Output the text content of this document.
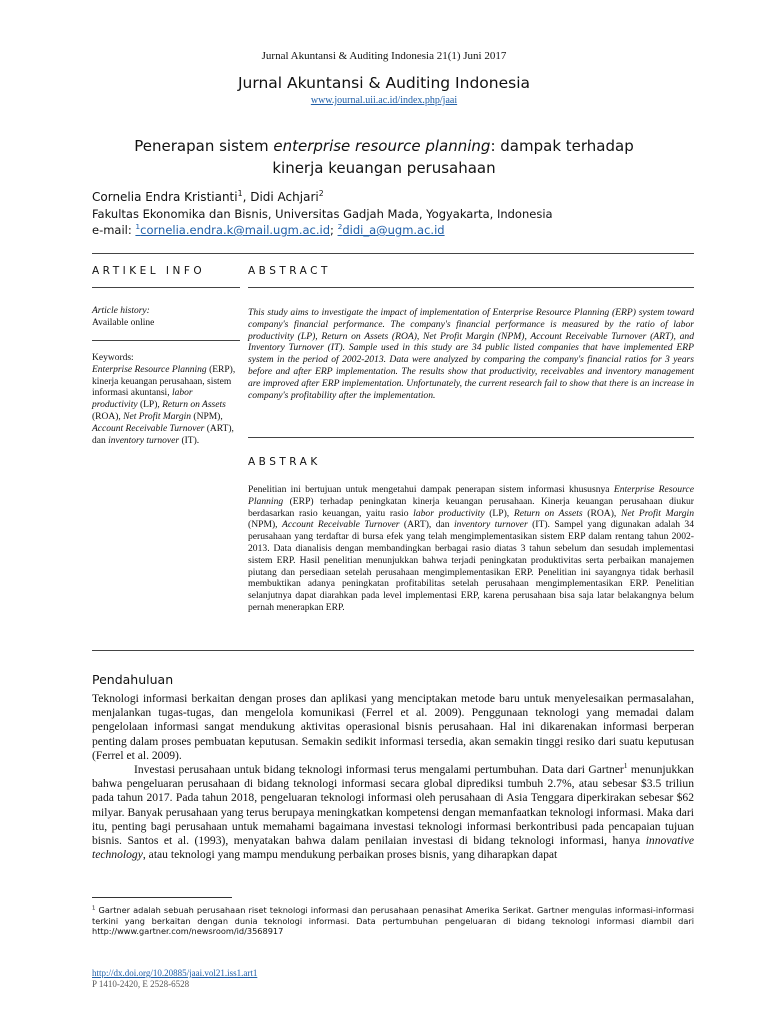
Jurnal Akuntansi & Auditing Indonesia 21(1) Juni 2017
Jurnal Akuntansi & Auditing Indonesia
www.journal.uii.ac.id/index.php/jaai
Penerapan sistem enterprise resource planning: dampak terhadap kinerja keuangan perusahaan
Cornelia Endra Kristianti$^1$, Didi Achjari$^2$
Fakultas Ekonomika dan Bisnis, Universitas Gadjah Mada, Yogyakarta, Indonesia
e-mail: $^1$cornelia.endra.k@mail.ugm.ac.id; $^2$didi_a@ugm.ac.id
ARTIKEL INFO	ABSTRACT
Article history:
Available online
Keywords:
Enterprise Resource Planning (ERP), kinerja keuangan perusahaan, sistem informasi akuntansi, labor productivity (LP), Return on Assets (ROA), Net Profit Margin (NPM), Account Receivable Turnover (ART), dan inventory turnover (IT).
This study aims to investigate the impact of implementation of Enterprise Resource Planning (ERP) system toward company's financial performance. The company's financial performance is measured by the ratio of labor productivity (LP), Return on Assets (ROA), Net Profit Margin (NPM), Account Receivable Turnover (ART), and Inventory Turnover (IT). Sample used in this study are 34 public listed companies that have implemented ERP system in the period of 2002-2013. Data were analyzed by comparing the company's financial ratios for 3 years before and after ERP implementation. The results show that productivity, receivables and inventory management are improved after ERP implementation. Unfortunately, the current research fail to show that there is an increase in company's profitability after the implementation.
ABSTRAK
Penelitian ini bertujuan untuk mengetahui dampak penerapan sistem informasi khususnya Enterprise Resource Planning (ERP) terhadap peningkatan kinerja keuangan perusahaan. Kinerja keuangan perusahaan diukur berdasarkan rasio keuangan, yaitu rasio labor productivity (LP), Return on Assets (ROA), Net Profit Margin (NPM), Account Receivable Turnover (ART), dan inventory turnover (IT). Sampel yang digunakan adalah 34 perusahaan yang terdaftar di bursa efek yang telah mengimplementasikan sistem ERP dalam rentang tahun 2002-2013. Data dianalisis dengan membandingkan berbagai rasio diatas 3 tahun sebelum dan sesudah implementasi sistem ERP. Hasil penelitian menunjukkan bahwa terjadi peningkatan produktivitas serta perbaikan manajemen piutang dan persediaan setelah perusahaan mengimplementasikan ERP. Penelitian ini sayangnya tidak berhasil membuktikan adanya peningkatan profitabilitas setelah perusahaan mengimplementasikan ERP. Penelitian selanjutnya dapat diarahkan pada level implementasi ERP, karena perusahaan bisa saja latar belakangnya belum pernah menerapkan ERP.
Pendahuluan

Teknologi informasi berkaitan dengan proses dan aplikasi yang menciptakan metode baru untuk menyelesaikan permasalahan, menjalankan tugas-tugas, dan mengelola komunikasi (Ferrel et al. 2009). Penggunaan teknologi yang memadai dalam pengelolaan informasi sangat mendukung aktivitas operasional bisnis perusahaan. Hal ini dikarenakan informasi berperan penting dalam proses pembuatan keputusan. Semakin sedikit informasi tersedia, akan semakin tinggi resiko dari suatu keputusan (Ferrel et al. 2009).

Investasi perusahaan untuk bidang teknologi informasi terus mengalami pertumbuhan. Data dari Gartner$^1$ menunjukkan bahwa pengeluaran perusahaan di bidang teknologi informasi secara global diprediksi tumbuh 2.7%, atau sebesar $3.5 triliun pada tahun 2017. Pada tahun 2018, pengeluaran teknologi informasi oleh perusahaan di Asia Tenggara diperkirakan sebesar $62 milyar. Banyak perusahaan yang terus berupaya meningkatkan kompetensi dengan memanfaatkan teknologi informasi. Maka dari itu, penting bagi perusahaan untuk memahami bagaimana investasi teknologi informasi berkontribusi pada pencapaian tujuan bisnis. Santos et al. (1993), menyatakan bahwa dalam penilaian investasi di bidang teknologi informasi, hanya innovative technology, atau teknologi yang mampu mendukung perbaikan proses bisnis, yang diharapkan dapat

$^1$ Gartner adalah sebuah perusahaan riset teknologi informasi dan perusahaan penasihat Amerika Serikat. Gartner mengulas informasi-informasi terkini yang berkaitan dengan dunia teknologi informasi. Data pertumbuhan pengeluaran di bidang teknologi informasi diambil dari http://www.gartner.com/newsroom/id/3568917
http://dx.doi.org/10.20885/jaai.vol21.iss1.art1
P 1410-2420, E 2528-6528
